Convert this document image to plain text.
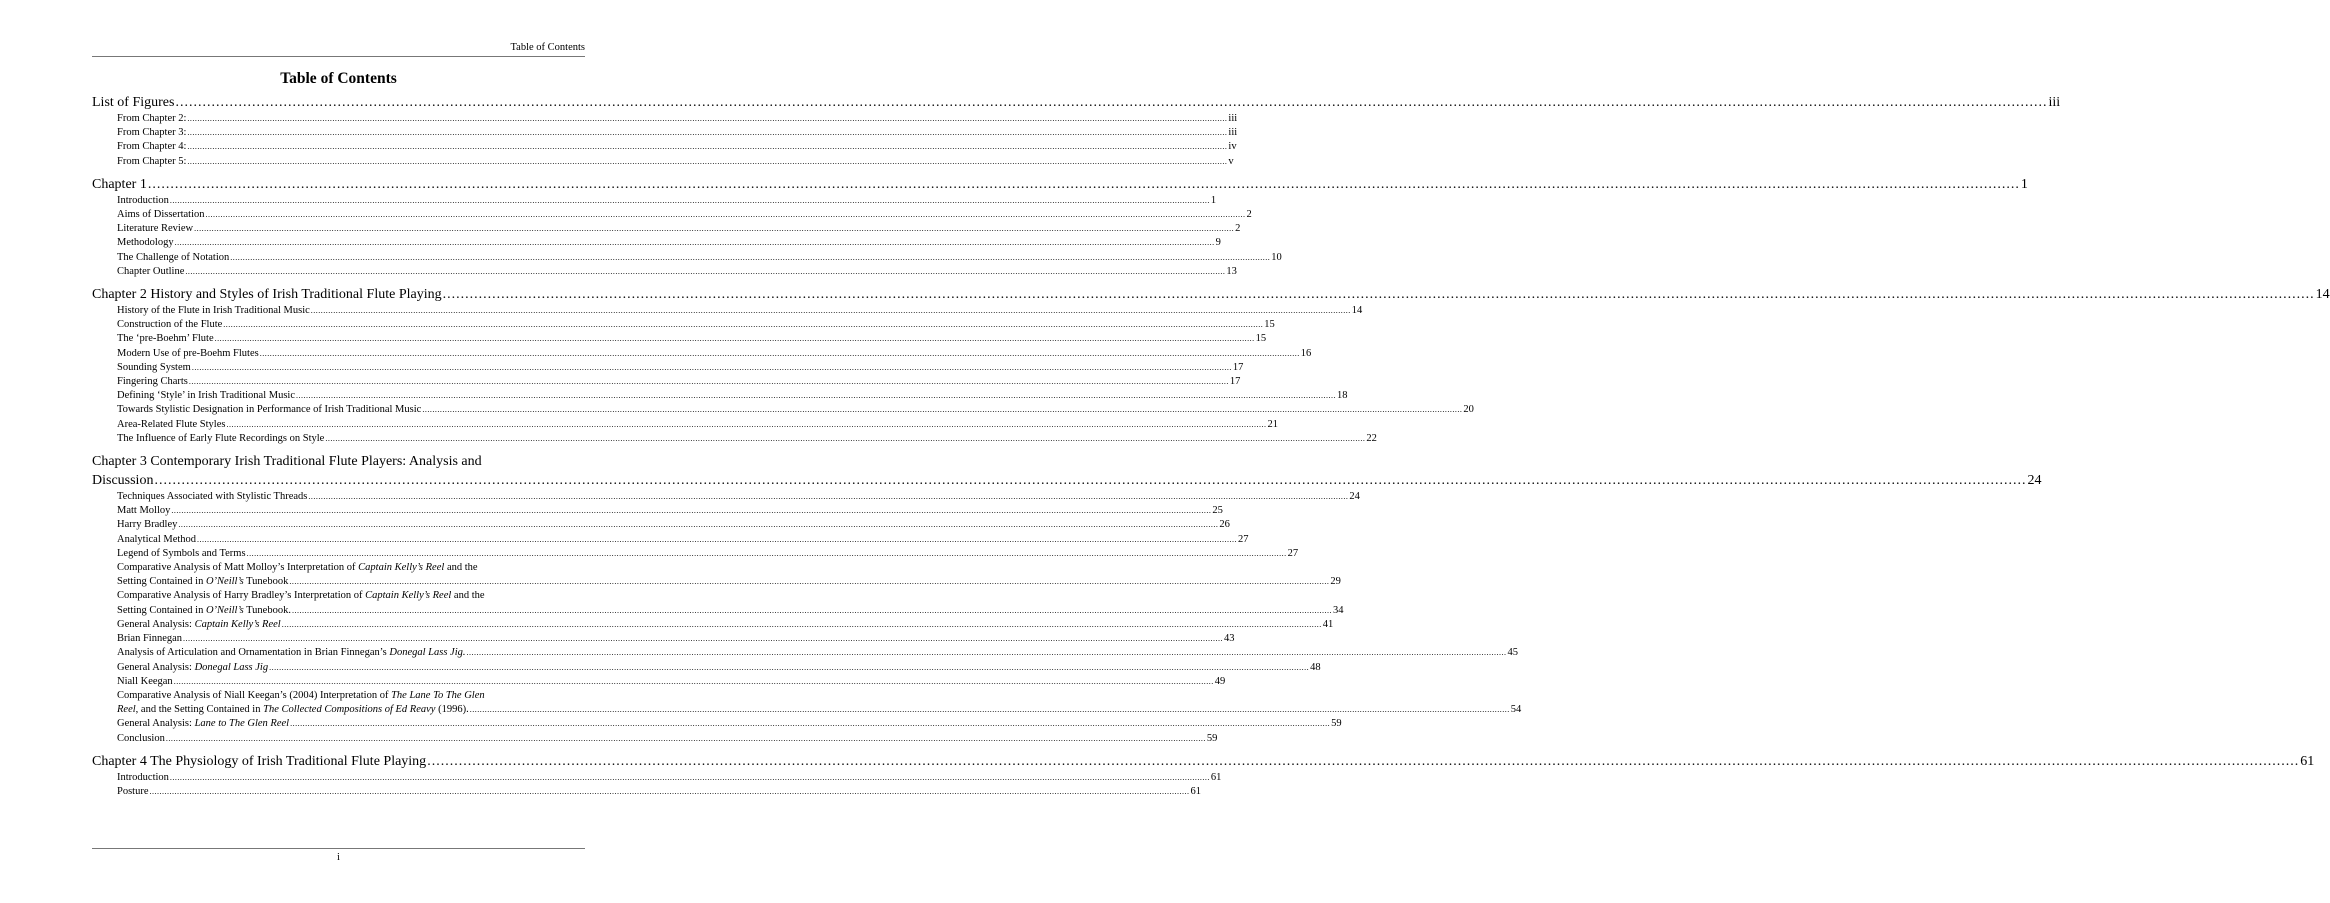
Table of Contents
Table of Contents
List of Figures .....	iii
From Chapter 2: .....	iii
From Chapter 3: .....	iii
From Chapter 4: .....	iv
From Chapter 5: .....	v
Chapter 1 .....	1
Introduction .....	1
Aims of Dissertation .....	2
Literature Review .....	2
Methodology .....	9
The Challenge of Notation .....	10
Chapter Outline .....	13
Chapter 2 History and Styles of Irish Traditional Flute Playing .....	14
History of the Flute in Irish Traditional Music .....	14
Construction of the Flute .....	15
The ‘pre-Boehm’ Flute .....	15
Modern Use of pre-Boehm Flutes .....	16
Sounding System .....	17
Fingering Charts .....	17
Defining ‘Style’ in Irish Traditional Music .....	18
Towards Stylistic Designation in Performance of Irish Traditional Music .....	20
Area-Related Flute Styles .....	21
The Influence of Early Flute Recordings on Style .....	22
Chapter 3 Contemporary Irish Traditional Flute Players: Analysis and
Discussion .....	24
Techniques Associated with Stylistic Threads .....	24
Matt Molloy .....	25
Harry Bradley .....	26
Analytical Method .....	27
Legend of Symbols and Terms .....	27
Comparative Analysis of Matt Molloy’s Interpretation of Captain Kelly’s Reel and the
Setting Contained in O’Neill’s Tunebook .....	29
Comparative Analysis of Harry Bradley’s Interpretation of Captain Kelly’s Reel and the
Setting Contained in O’Neill’s Tunebook. .....	34
General Analysis: Captain Kelly’s Reel .....	41
Brian Finnegan .....	43
Analysis of Articulation and Ornamentation in Brian Finnegan’s Donegal Lass Jig. .....	45
General Analysis: Donegal Lass Jig .....	48
Niall Keegan .....	49
Comparative Analysis of Niall Keegan’s (2004) Interpretation of The Lane To The Glen
Reel, and the Setting Contained in The Collected Compositions of Ed Reavy (1996). .....	54
General Analysis: Lane to The Glen Reel .....	59
Conclusion .....	59
Chapter 4 The Physiology of Irish Traditional Flute Playing .....	61
Introduction .....	61
Posture .....	61
i
